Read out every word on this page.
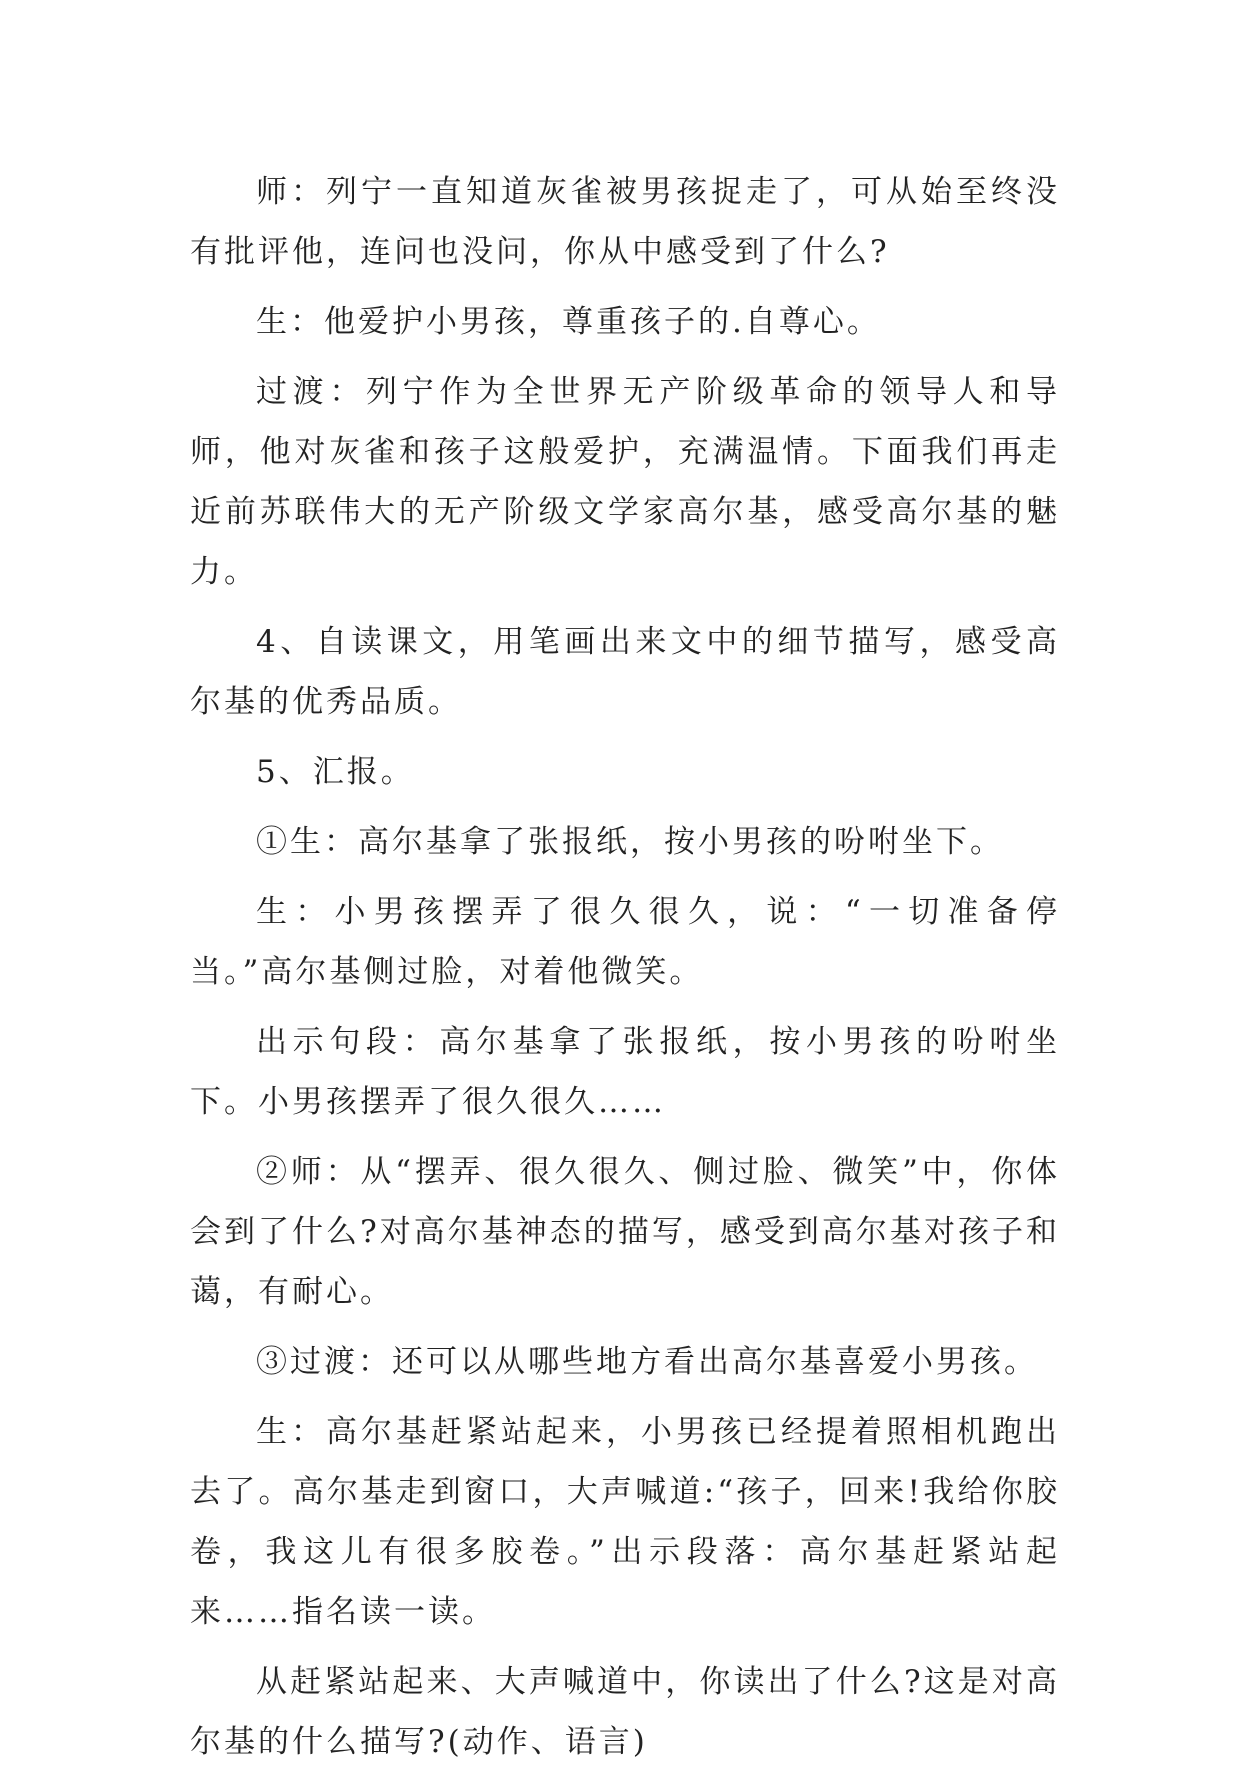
师：列宁一直知道灰雀被男孩捉走了，可从始至终没有批评他，连问也没问，你从中感受到了什么?

生：他爱护小男孩，尊重孩子的.自尊心。

过渡：列宁作为全世界无产阶级革命的领导人和导师，他对灰雀和孩子这般爱护，充满温情。下面我们再走近前苏联伟大的无产阶级文学家高尔基，感受高尔基的魅力。

4、自读课文，用笔画出来文中的细节描写，感受高尔基的优秀品质。

5、汇报。

①生：高尔基拿了张报纸，按小男孩的吩咐坐下。

生：小男孩摆弄了很久很久，说：“一切准备停当。”高尔基侧过脸，对着他微笑。

出示句段：高尔基拿了张报纸，按小男孩的吩咐坐下。小男孩摆弄了很久很久……

②师：从“摆弄、很久很久、侧过脸、微笑”中，你体会到了什么?对高尔基神态的描写，感受到高尔基对孩子和蔼，有耐心。

③过渡：还可以从哪些地方看出高尔基喜爱小男孩。

生：高尔基赶紧站起来，小男孩已经提着照相机跑出去了。高尔基走到窗口，大声喊道:“孩子，回来!我给你胶卷，我这儿有很多胶卷。”出示段落：高尔基赶紧站起来……指名读一读。

从赶紧站起来、大声喊道中，你读出了什么?这是对高尔基的什么描写?(动作、语言)
